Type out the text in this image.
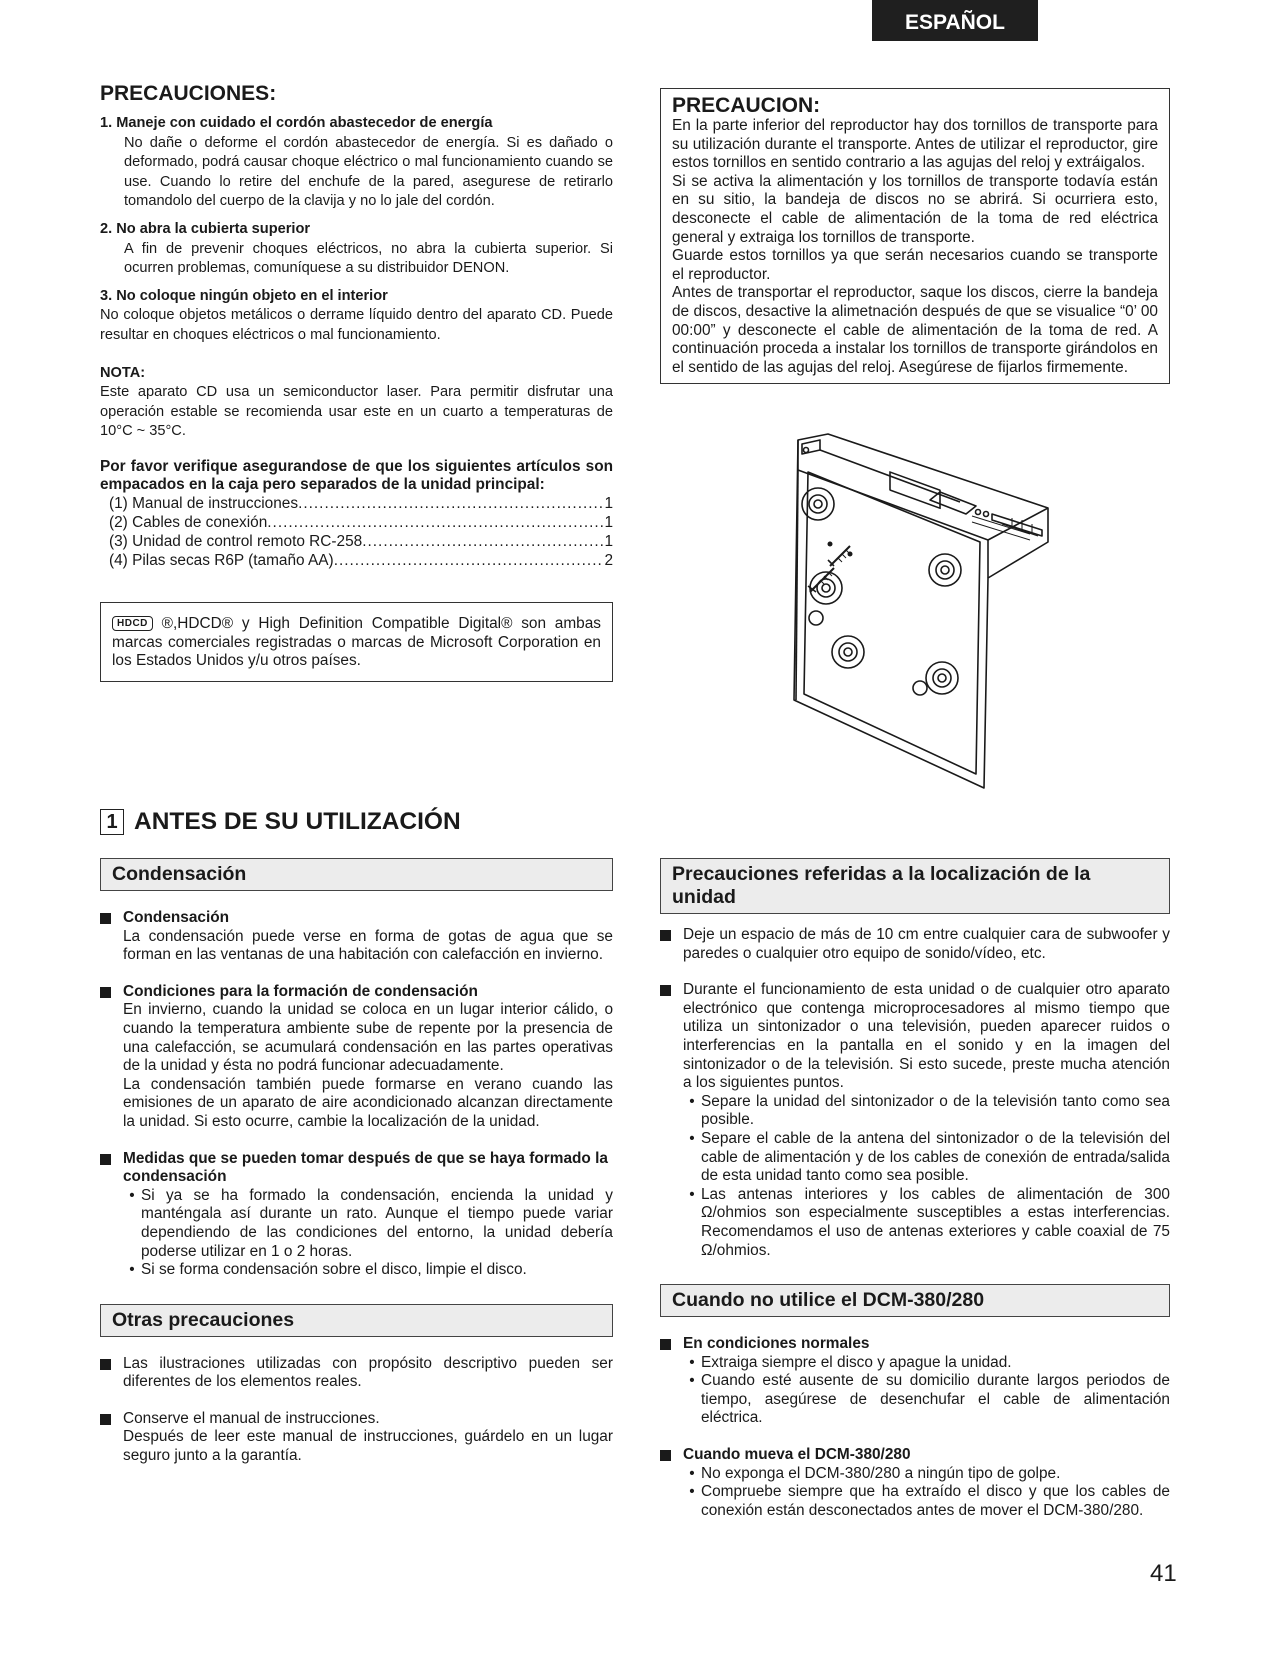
ESPAÑOL
PRECAUCIONES:
1. Maneje con cuidado el cordón abastecedor de energía
No dañe o deforme el cordón abastecedor de energía. Si es dañado o deformado, podrá causar choque eléctrico o mal funcionamiento cuando se use. Cuando lo retire del enchufe de la pared, asegurese de retirarlo tomandolo del cuerpo de la clavija y no lo jale del cordón.
2. No abra la cubierta superior
A fin de prevenir choques eléctricos, no abra la cubierta superior. Si ocurren problemas, comuníquese a su distribuidor DENON.
3. No coloque ningún objeto en el interior
No coloque objetos metálicos o derrame líquido dentro del aparato CD. Puede resultar en choques eléctricos o mal funcionamiento.
NOTA:
Este aparato CD usa un semiconductor laser. Para permitir disfrutar una operación estable se recomienda usar este en un cuarto a temperaturas de 10°C ~ 35°C.
Por favor verifique asegurandose de que los siguientes artículos son empacados en la caja pero separados de la unidad principal:
(1) Manual de instrucciones .....	1
(2) Cables de conexión .....	1
(3) Unidad de control remoto RC-258 .....	1
(4) Pilas secas R6P (tamaño AA) .....	2
HDCD ®,HDCD® y High Definition Compatible Digital® son ambas marcas comerciales registradas o marcas de Microsoft Corporation en los Estados Unidos y/u otros países.
PRECAUCION:

En la parte inferior del reproductor hay dos tornillos de transporte para su utilización durante el transporte. Antes de utilizar el reproductor, gire estos tornillos en sentido contrario a las agujas del reloj y extráigalos.

Si se activa la alimentación y los tornillos de transporte todavía están en su sitio, la bandeja de discos no se abrirá. Si ocurriera esto, desconecte el cable de alimentación de la toma de red eléctrica general y extraiga los tornillos de transporte.

Guarde estos tornillos ya que serán necesarios cuando se transporte el reproductor.

Antes de transportar el reproductor, saque los discos, cierre la bandeja de discos, desactive la alimetnación después de que se visualice “0’ 00 00:00” y desconecte el cable de alimentación de la toma de red. A continuación proceda a instalar los tornillos de transporte girándolos en el sentido de las agujas del reloj. Asegúrese de fijarlos firmemente.

1 ANTES DE SU UTILIZACIÓN
Condensación
Condensación

La condensación puede verse en forma de gotas de agua que se forman en las ventanas de una habitación con calefacción en invierno.

Condiciones para la formación de condensación

En invierno, cuando la unidad se coloca en un lugar interior cálido, o cuando la temperatura ambiente sube de repente por la presencia de una calefacción, se acumulará condensación en las partes operativas de la unidad y ésta no podrá funcionar adecuadamente.

La condensación también puede formarse en verano cuando las emisiones de un aparato de aire acondicionado alcanzan directamente la unidad. Si esto ocurre, cambie la localización de la unidad.

Medidas que se pueden tomar después de que se haya formado la condensación
• Si ya se ha formado la condensación, encienda la unidad y manténgala así durante un rato. Aunque el tiempo puede variar dependiendo de las condiciones del entorno, la unidad debería poderse utilizar en 1 o 2 horas.
• Si se forma condensación sobre el disco, limpie el disco.
Otras precauciones

Las ilustraciones utilizadas con propósito descriptivo pueden ser diferentes de los elementos reales.

Conserve el manual de instrucciones.

Después de leer este manual de instrucciones, guárdelo en un lugar seguro junto a la garantía.

Precauciones referidas a la localización de la unidad

Deje un espacio de más de 10 cm entre cualquier cara de subwoofer y paredes o cualquier otro equipo de sonido/vídeo, etc.

Durante el funcionamiento de esta unidad o de cualquier otro aparato electrónico que contenga microprocesadores al mismo tiempo que utiliza un sintonizador o una televisión, pueden aparecer ruidos o interferencias en la pantalla en el sonido y en la imagen del sintonizador o de la televisión. Si esto sucede, preste mucha atención a los siguientes puntos.

• Separe la unidad del sintonizador o de la televisión tanto como sea posible.
• Separe el cable de la antena del sintonizador o de la televisión del cable de alimentación y de los cables de conexión de entrada/salida de esta unidad tanto como sea posible.
• Las antenas interiores y los cables de alimentación de 300 Ω/ohmios son especialmente susceptibles a estas interferencias. Recomendamos el uso de antenas exteriores y cable coaxial de 75 Ω/ohmios.
Cuando no utilice el DCM-380/280
En condiciones normales
• Extraiga siempre el disco y apague la unidad.
• Cuando esté ausente de su domicilio durante largos periodos de tiempo, asegúrese de desenchufar el cable de alimentación eléctrica.
Cuando mueva el DCM-380/280
• No exponga el DCM-380/280 a ningún tipo de golpe.
• Compruebe siempre que ha extraído el disco y que los cables de conexión están desconectados antes de mover el DCM-380/280.
41
